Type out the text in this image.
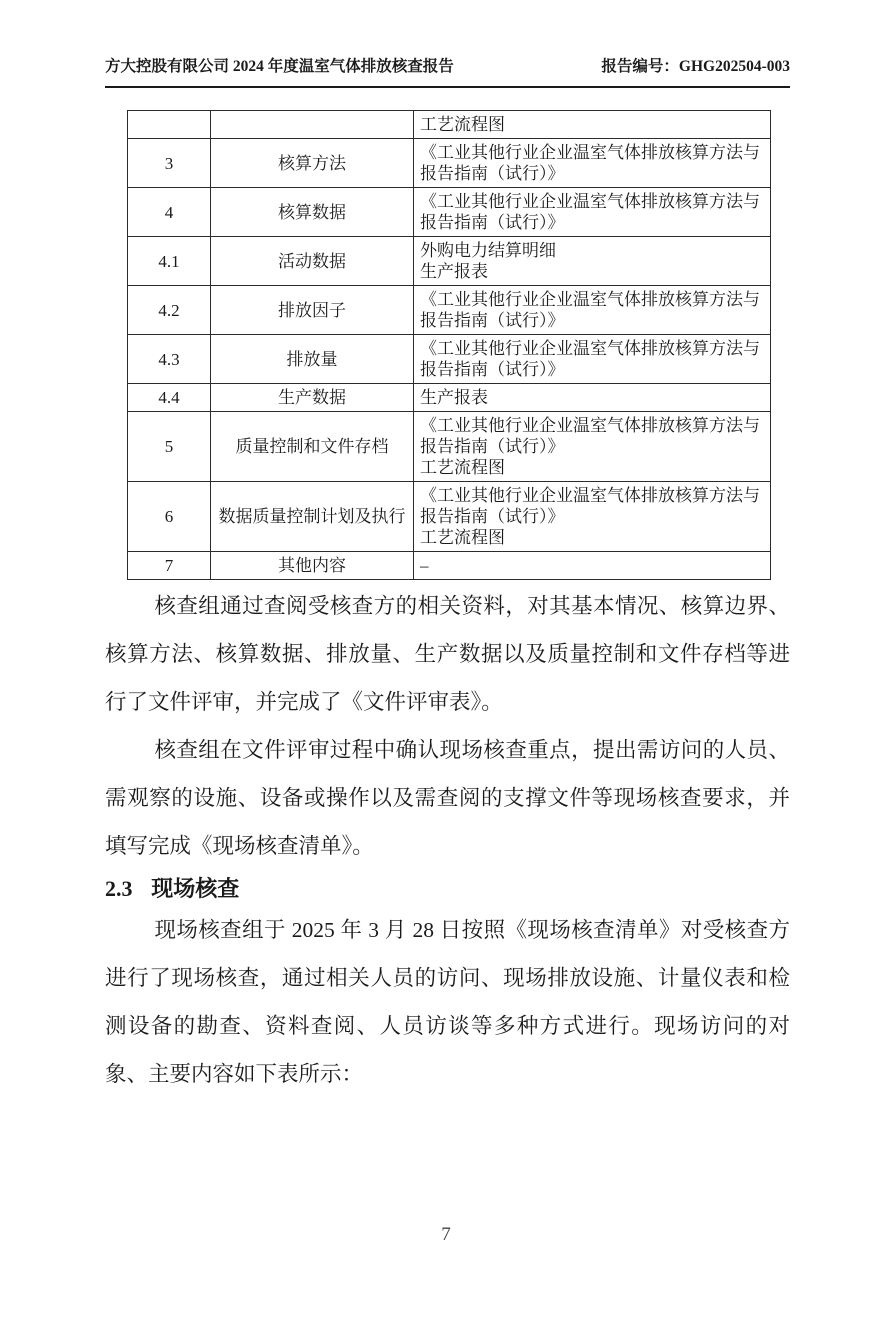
方大控股有限公司 2024 年度温室气体排放核查报告	报告编号：GHG202504-003

		工艺流程图

3	核算方法	《工业其他行业企业温室气体排放核算方法与报告指南（试行）》

4	核算数据	《工业其他行业企业温室气体排放核算方法与报告指南（试行）》

4.1	活动数据	外购电力结算明细
生产报表

4.2	排放因子	《工业其他行业企业温室气体排放核算方法与报告指南（试行）》

4.3	排放量	《工业其他行业企业温室气体排放核算方法与报告指南（试行）》

4.4	生产数据	生产报表

5	质量控制和文件存档	《工业其他行业企业温室气体排放核算方法与报告指南（试行）》
工艺流程图

6	数据质量控制计划及执行	《工业其他行业企业温室气体排放核算方法与报告指南（试行）》
工艺流程图

7	其他内容	–

核查组通过查阅受核查方的相关资料，对其基本情况、核算边界、核算方法、核算数据、排放量、生产数据以及质量控制和文件存档等进行了文件评审，并完成了《文件评审表》。

核查组在文件评审过程中确认现场核查重点，提出需访问的人员、需观察的设施、设备或操作以及需查阅的支撑文件等现场核查要求，并填写完成《现场核查清单》。

2.3 现场核查

现场核查组于 2025 年 3 月 28 日按照《现场核查清单》对受核查方进行了现场核查，通过相关人员的访问、现场排放设施、计量仪表和检测设备的勘查、资料查阅、人员访谈等多种方式进行。现场访问的对象、主要内容如下表所示：

7
